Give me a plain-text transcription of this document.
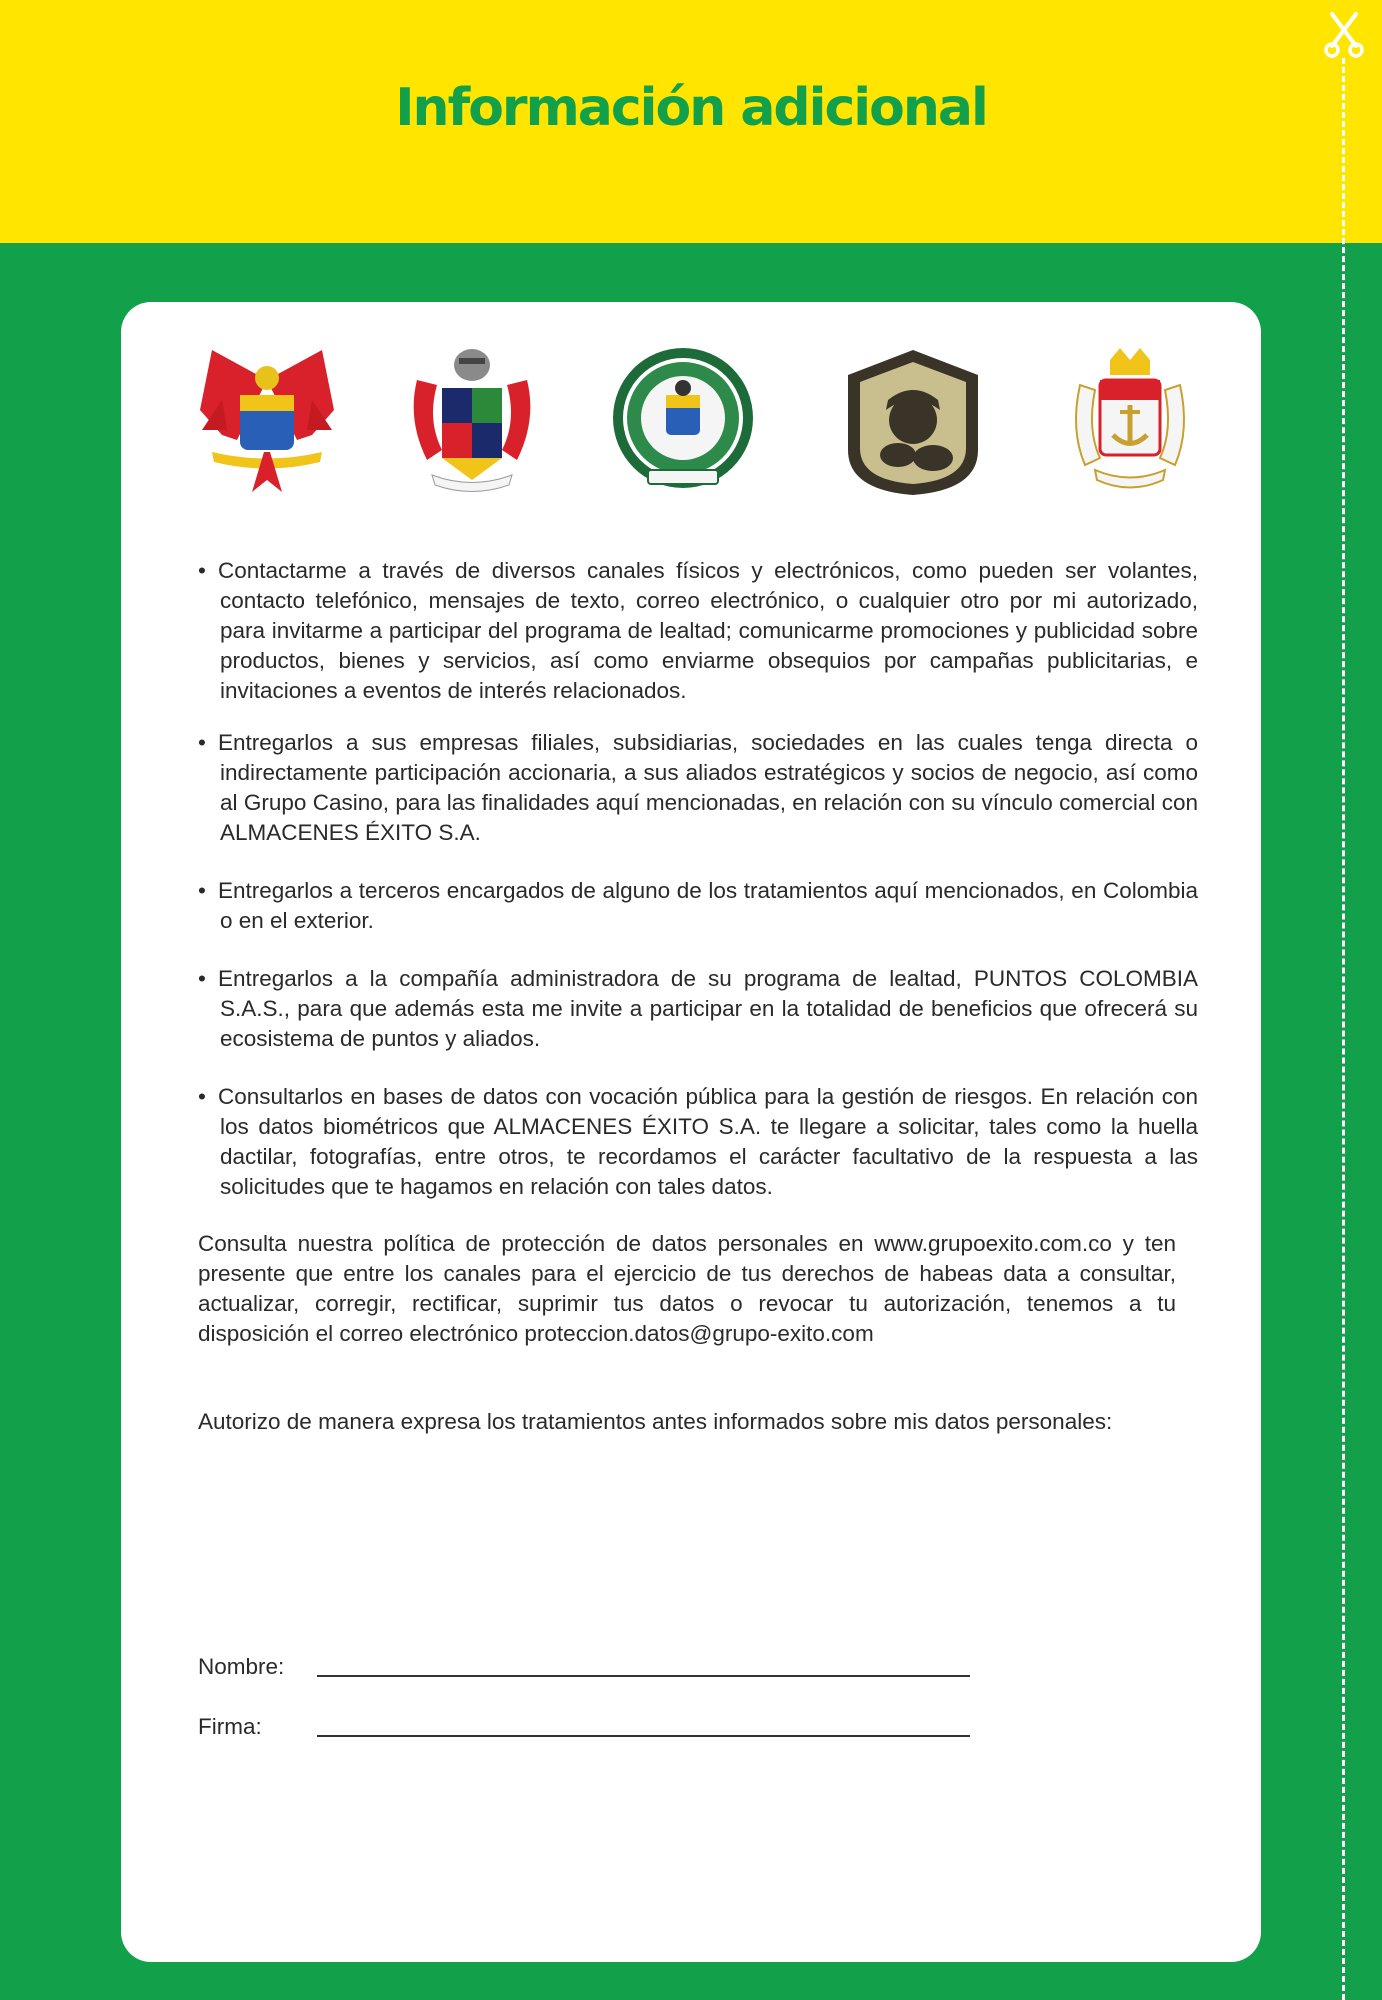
Información adicional

• Contactarme a través de diversos canales físicos y electrónicos, como pueden ser volantes, contacto telefónico, mensajes de texto, correo electrónico, o cualquier otro por mi autorizado, para invitarme a participar del programa de lealtad; comunicarme promociones y publicidad sobre productos, bienes y servicios, así como enviarme obsequios por campañas publicitarias, e invitaciones a eventos de interés relacionados.

• Entregarlos a sus empresas filiales, subsidiarias, sociedades en las cuales tenga directa o indirectamente participación accionaria, a sus aliados estratégicos y socios de negocio, así como al Grupo Casino, para las finalidades aquí mencionadas, en relación con su vínculo comercial con ALMACENES ÉXITO S.A.

• Entregarlos a terceros encargados de alguno de los tratamientos aquí mencionados, en Colombia o en el exterior.

• Entregarlos a la compañía administradora de su programa de lealtad, PUNTOS COLOMBIA S.A.S., para que además esta me invite a participar en la totalidad de beneficios que ofrecerá su ecosistema de puntos y aliados.

• Consultarlos en bases de datos con vocación pública para la gestión de riesgos. En relación con los datos biométricos que ALMACENES ÉXITO S.A. te llegare a solicitar, tales como la huella dactilar, fotografías, entre otros, te recordamos el carácter facultativo de la respuesta a las solicitudes que te hagamos en relación con tales datos.

Consulta nuestra política de protección de datos personales en www.grupoexito.com.co y ten presente que entre los canales para el ejercicio de tus derechos de habeas data a consultar, actualizar, corregir, rectificar, suprimir tus datos o revocar tu autorización, tenemos a tu disposición el correo electrónico proteccion.datos@grupo-exito.com

Autorizo de manera expresa los tratamientos antes informados sobre mis datos personales:

Nombre:
Firma:
